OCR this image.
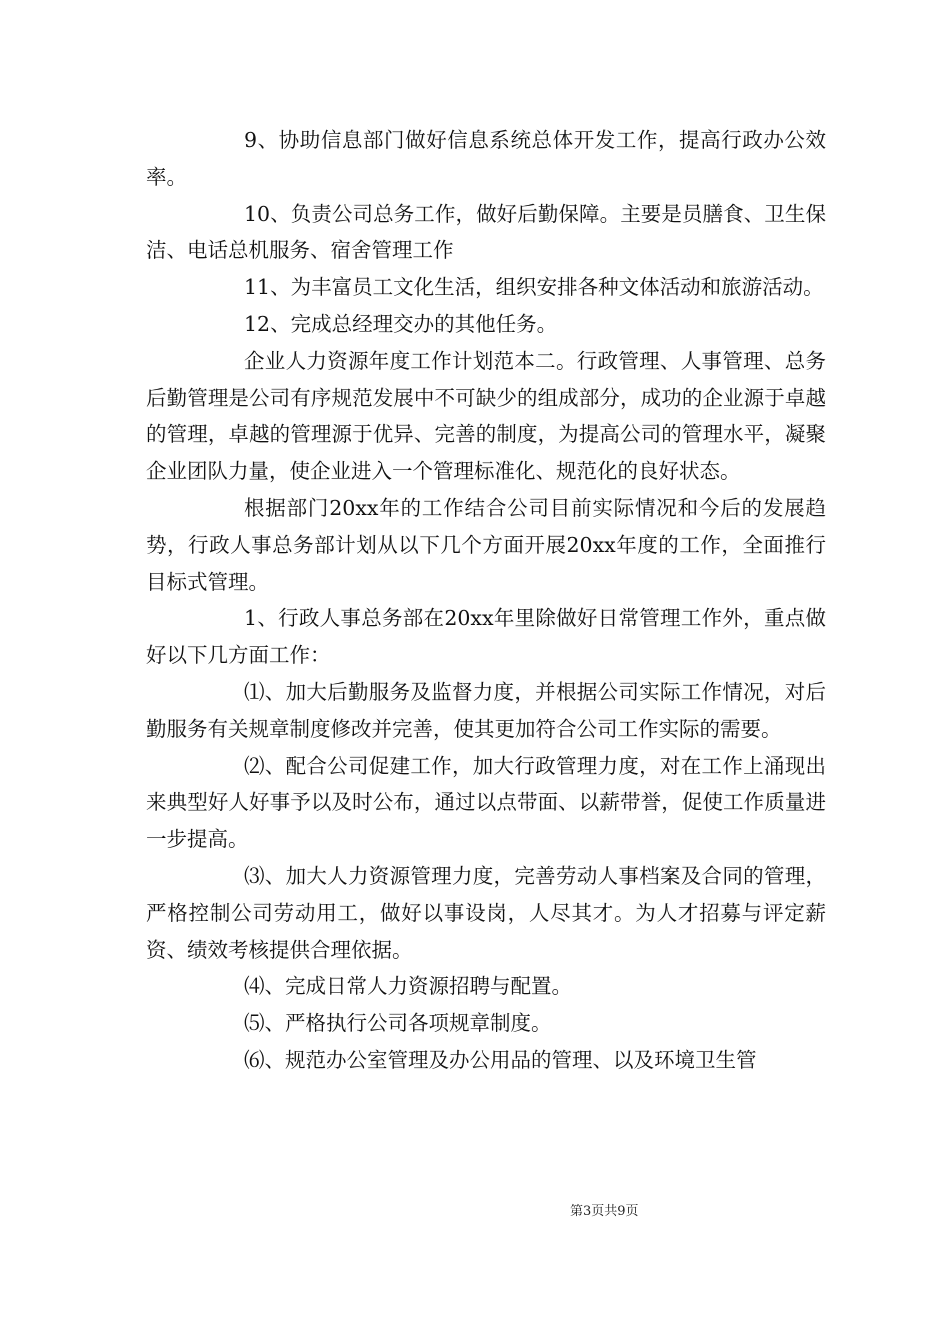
9、协助信息部门做好信息系统总体开发工作，提高行政办公效率。

10、负责公司总务工作，做好后勤保障。主要是员膳食、卫生保洁、电话总机服务、宿舍管理工作

11、为丰富员工文化生活，组织安排各种文体活动和旅游活动。

12、完成总经理交办的其他任务。

企业人力资源年度工作计划范本二。行政管理、人事管理、总务后勤管理是公司有序规范发展中不可缺少的组成部分，成功的企业源于卓越的管理，卓越的管理源于优异、完善的制度，为提高公司的管理水平，凝聚企业团队力量，使企业进入一个管理标准化、规范化的良好状态。

根据部门20xx年的工作结合公司目前实际情况和今后的发展趋势，行政人事总务部计划从以下几个方面开展20xx年度的工作，全面推行目标式管理。

1、行政人事总务部在20xx年里除做好日常管理工作外，重点做好以下几方面工作：

⑴、加大后勤服务及监督力度，并根据公司实际工作情况，对后勤服务有关规章制度修改并完善，使其更加符合公司工作实际的需要。

⑵、配合公司促建工作，加大行政管理力度，对在工作上涌现出来典型好人好事予以及时公布，通过以点带面、以薪带誉，促使工作质量进一步提高。

⑶、加大人力资源管理力度，完善劳动人事档案及合同的管理，严格控制公司劳动用工，做好以事设岗，人尽其才。为人才招募与评定薪资、绩效考核提供合理依据。

⑷、完成日常人力资源招聘与配置。

⑸、严格执行公司各项规章制度。

⑹、规范办公室管理及办公用品的管理、以及环境卫生管

第3页共9页
